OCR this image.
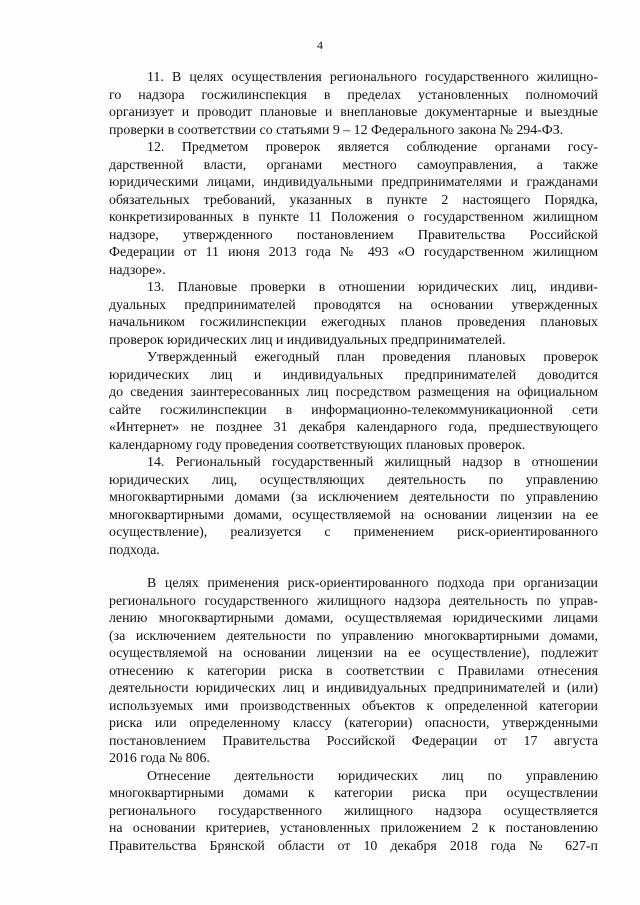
4
11. В целях осуществления регионального государственного жилищно-
го надзора госжилинспекция в пределах установленных полномочий
организует и проводит плановые и внеплановые документарные и выездные
проверки в соответствии со статьями 9 – 12 Федерального закона № 294-ФЗ.
12. Предметом проверок является соблюдение органами госу-
дарственной власти, органами местного самоуправления, а также
юридическими лицами, индивидуальными предпринимателями и гражданами
обязательных требований, указанных в пункте 2 настоящего Порядка,
конкретизированных в пункте 11 Положения о государственном жилищном
надзоре, утвержденного постановлением Правительства Российской
Федерации от 11 июня 2013 года № 493 «О государственном жилищном
надзоре».
13. Плановые проверки в отношении юридических лиц, индиви-
дуальных предпринимателей проводятся на основании утвержденных
начальником госжилинспекции ежегодных планов проведения плановых
проверок юридических лиц и индивидуальных предпринимателей.
Утвержденный ежегодный план проведения плановых проверок
юридических лиц и индивидуальных предпринимателей доводится
до сведения заинтересованных лиц посредством размещения на официальном
сайте госжилинспекции в информационно-телекоммуникационной сети
«Интернет» не позднее 31 декабря календарного года, предшествующего
календарному году проведения соответствующих плановых проверок.
14. Региональный государственный жилищный надзор в отношении
юридических лиц, осуществляющих деятельность по управлению
многоквартирными домами (за исключением деятельности по управлению
многоквартирными домами, осуществляемой на основании лицензии на ее
осуществление), реализуется с применением риск-ориентированного
подхода.
В целях применения риск-ориентированного подхода при организации
регионального государственного жилищного надзора деятельность по управ-
лению многоквартирными домами, осуществляемая юридическими лицами
(за исключением деятельности по управлению многоквартирными домами,
осуществляемой на основании лицензии на ее осуществление), подлежит
отнесению к категории риска в соответствии с Правилами отнесения
деятельности юридических лиц и индивидуальных предпринимателей и (или)
используемых ими производственных объектов к определенной категории
риска или определенному классу (категории) опасности, утвержденными
постановлением Правительства Российской Федерации от 17 августа
2016 года № 806.
Отнесение деятельности юридических лиц по управлению
многоквартирными домами к категории риска при осуществлении
регионального государственного жилищного надзора осуществляется
на основании критериев, установленных приложением 2 к постановлению
Правительства Брянской области от 10 декабря 2018 года № 627-п
